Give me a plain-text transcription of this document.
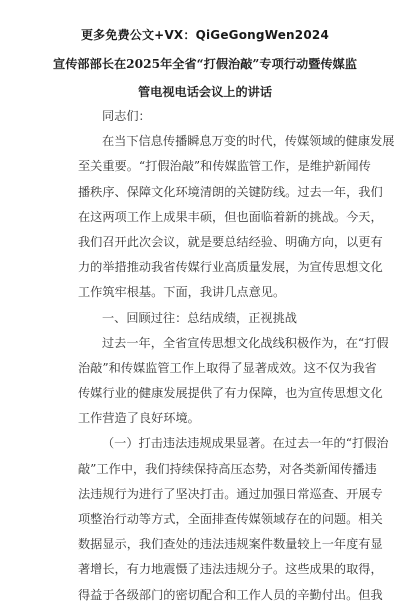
更多免费公文+VX：QiGeGongWen2024
宣传部部长在2025年全省“打假治敲”专项行动暨传媒监
管电视电话会议上的讲话
同志们：
在当下信息传播瞬息万变的时代，传媒领域的健康发展
至关重要。“打假治敲”和传媒监管工作，是维护新闻传
播秩序、保障文化环境清朗的关键防线。过去一年，我们
在这两项工作上成果丰硕，但也面临着新的挑战。今天，
我们召开此次会议，就是要总结经验、明确方向，以更有
力的举措推动我省传媒行业高质量发展，为宣传思想文化
工作筑牢根基。下面，我讲几点意见。
一、回顾过往：总结成绩，正视挑战
过去一年，全省宣传思想文化战线积极作为，在“打假
治敲”和传媒监管工作上取得了显著成效。这不仅为我省
传媒行业的健康发展提供了有力保障，也为宣传思想文化
工作营造了良好环境。
（一）打击违法违规成果显著。在过去一年的“打假治
敲”工作中，我们持续保持高压态势，对各类新闻传播违
法违规行为进行了坚决打击。通过加强日常巡查、开展专
项整治行动等方式，全面排查传媒领域存在的问题。相关
数据显示，我们查处的违法违规案件数量较上一年度有显
著增长，有力地震慑了违法违规分子。这些成果的取得，
得益于各级部门的密切配合和工作人员的辛勤付出。但我
